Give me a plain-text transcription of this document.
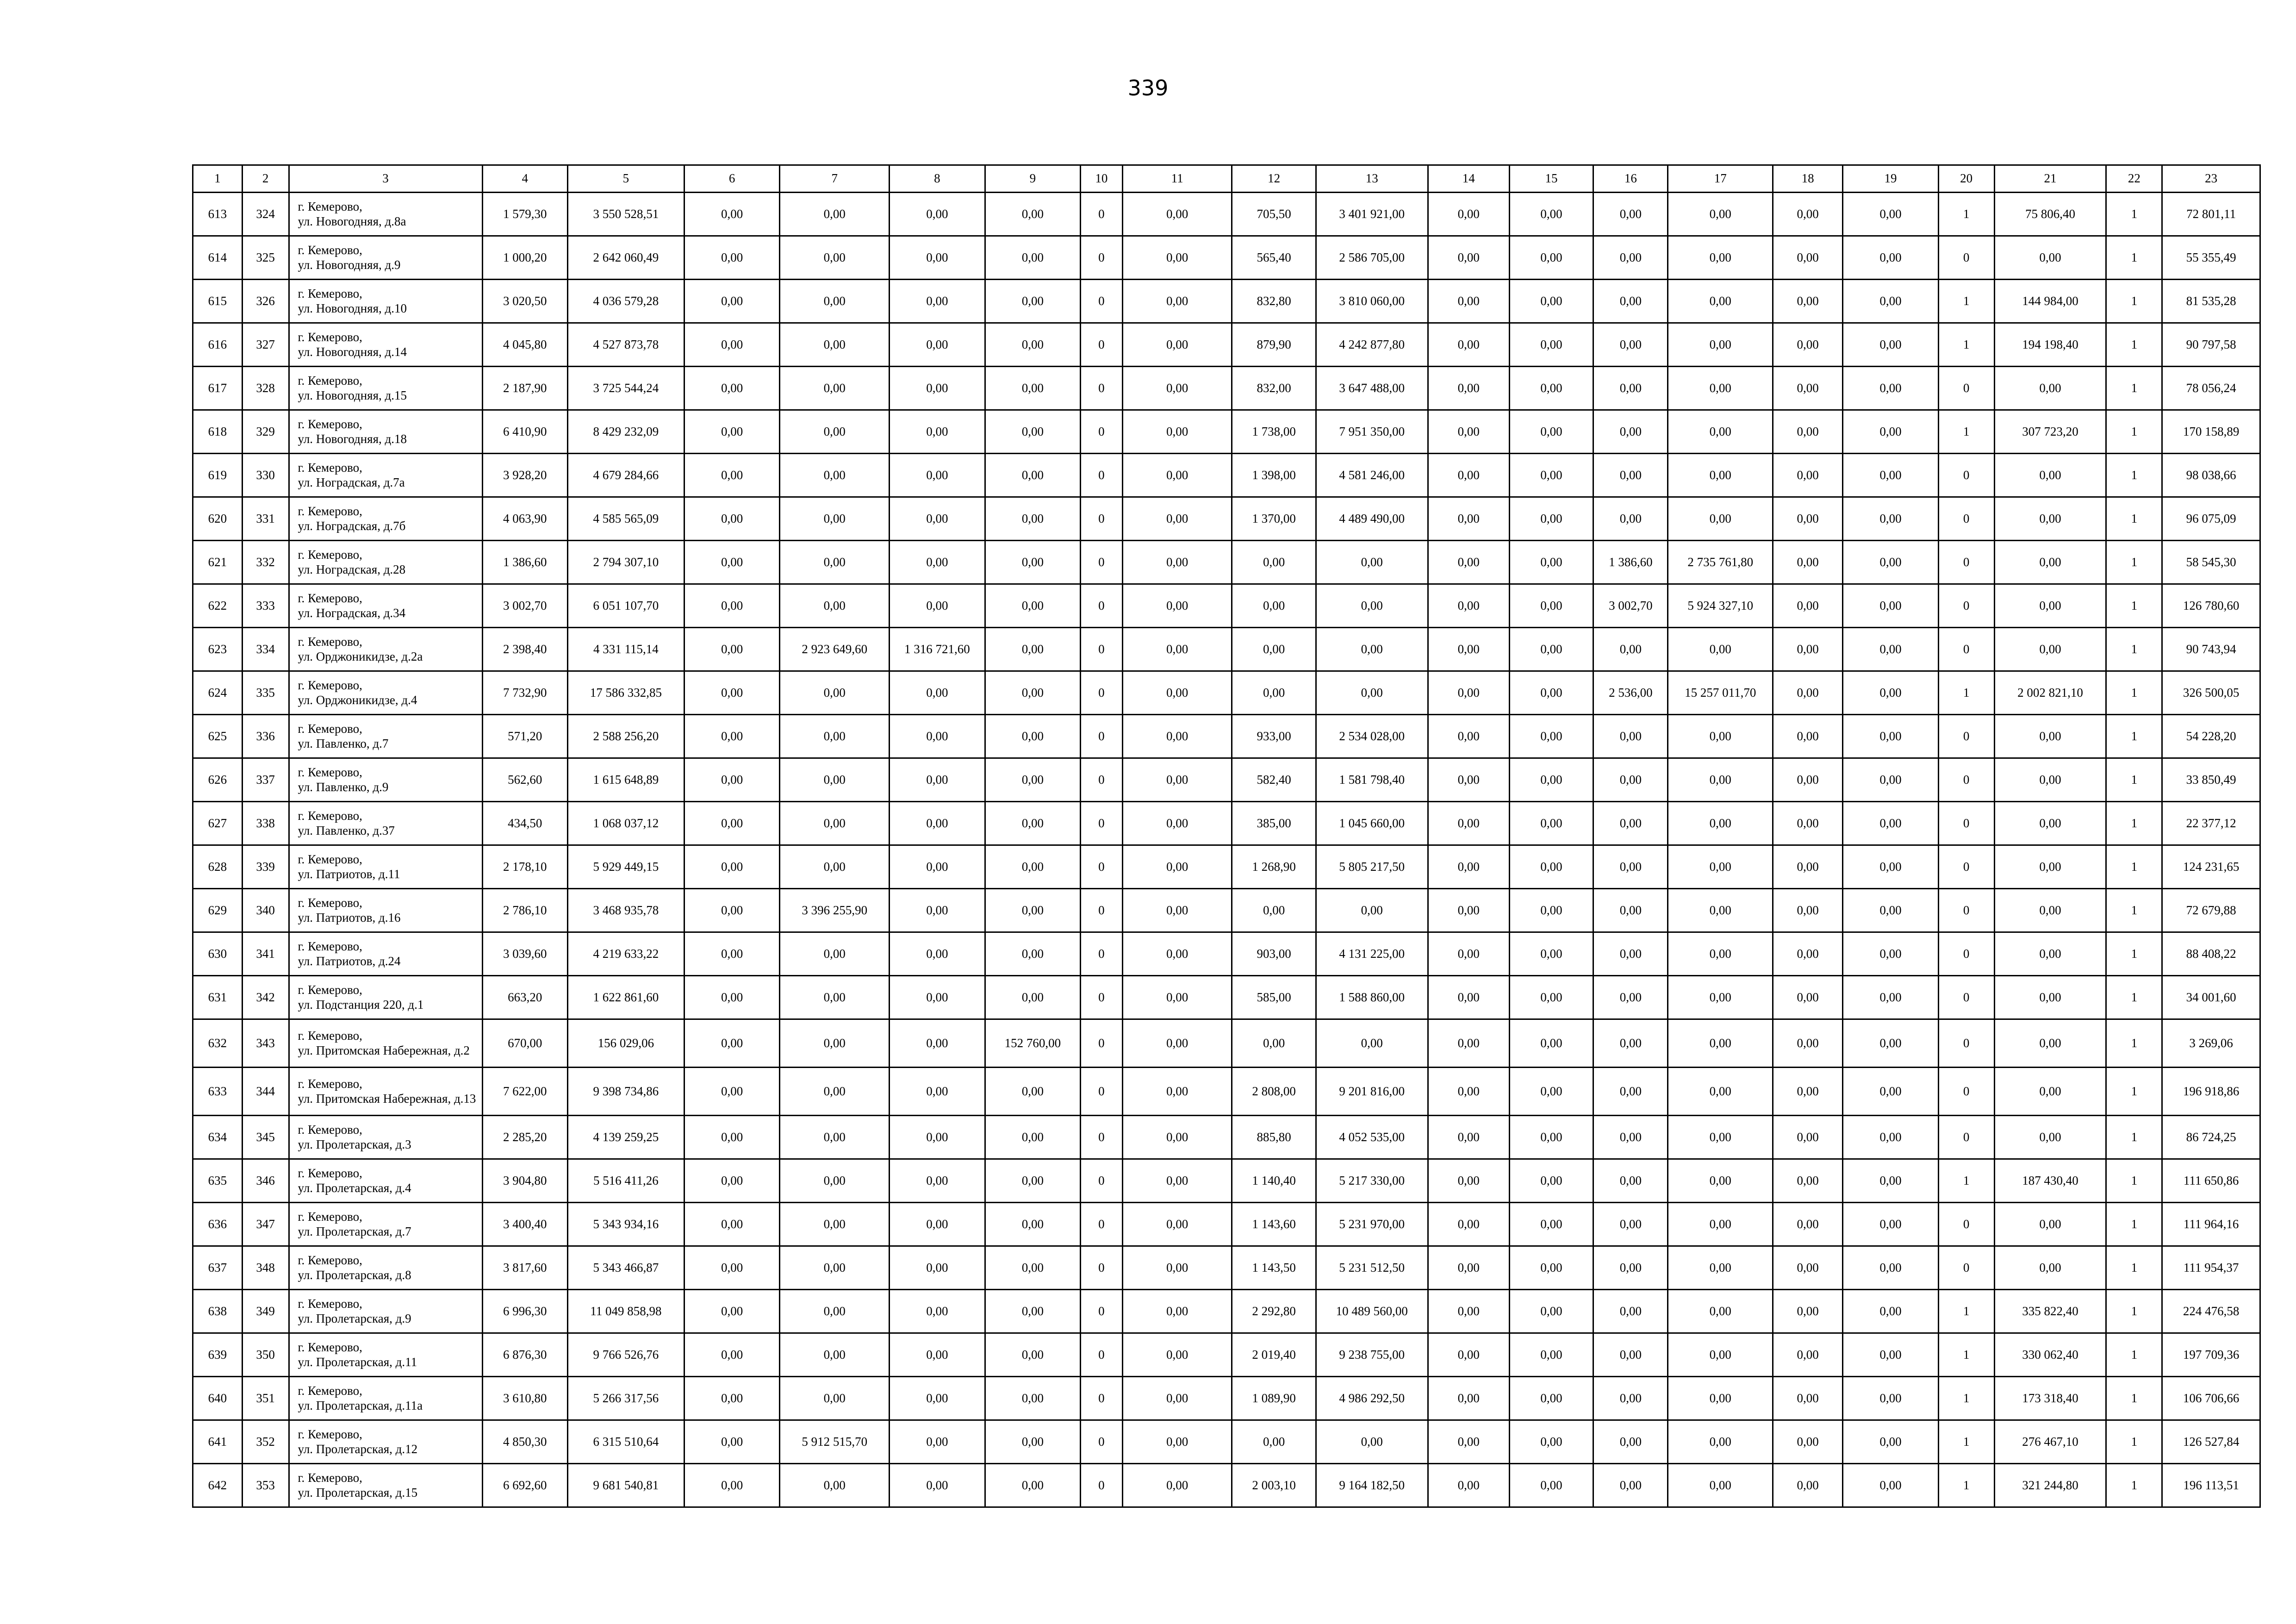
339
1	2	3	4	5	6	7	8	9	10	11	12	13	14	15	16	17	18	19	20	21	22	23
613	324	г. Кемерово,
ул. Новогодняя, д.8а	1 579,30	3 550 528,51	0,00	0,00	0,00	0,00	0	0,00	705,50	3 401 921,00	0,00	0,00	0,00	0,00	0,00	0,00	1	75 806,40	1	72 801,11
614	325	г. Кемерово,
ул. Новогодняя, д.9	1 000,20	2 642 060,49	0,00	0,00	0,00	0,00	0	0,00	565,40	2 586 705,00	0,00	0,00	0,00	0,00	0,00	0,00	0	0,00	1	55 355,49
615	326	г. Кемерово,
ул. Новогодняя, д.10	3 020,50	4 036 579,28	0,00	0,00	0,00	0,00	0	0,00	832,80	3 810 060,00	0,00	0,00	0,00	0,00	0,00	0,00	1	144 984,00	1	81 535,28
616	327	г. Кемерово,
ул. Новогодняя, д.14	4 045,80	4 527 873,78	0,00	0,00	0,00	0,00	0	0,00	879,90	4 242 877,80	0,00	0,00	0,00	0,00	0,00	0,00	1	194 198,40	1	90 797,58
617	328	г. Кемерово,
ул. Новогодняя, д.15	2 187,90	3 725 544,24	0,00	0,00	0,00	0,00	0	0,00	832,00	3 647 488,00	0,00	0,00	0,00	0,00	0,00	0,00	0	0,00	1	78 056,24
618	329	г. Кемерово,
ул. Новогодняя, д.18	6 410,90	8 429 232,09	0,00	0,00	0,00	0,00	0	0,00	1 738,00	7 951 350,00	0,00	0,00	0,00	0,00	0,00	0,00	1	307 723,20	1	170 158,89
619	330	г. Кемерово,
ул. Ноградская, д.7а	3 928,20	4 679 284,66	0,00	0,00	0,00	0,00	0	0,00	1 398,00	4 581 246,00	0,00	0,00	0,00	0,00	0,00	0,00	0	0,00	1	98 038,66
620	331	г. Кемерово,
ул. Ноградская, д.7б	4 063,90	4 585 565,09	0,00	0,00	0,00	0,00	0	0,00	1 370,00	4 489 490,00	0,00	0,00	0,00	0,00	0,00	0,00	0	0,00	1	96 075,09
621	332	г. Кемерово,
ул. Ноградская, д.28	1 386,60	2 794 307,10	0,00	0,00	0,00	0,00	0	0,00	0,00	0,00	0,00	0,00	1 386,60	2 735 761,80	0,00	0,00	0	0,00	1	58 545,30
622	333	г. Кемерово,
ул. Ноградская, д.34	3 002,70	6 051 107,70	0,00	0,00	0,00	0,00	0	0,00	0,00	0,00	0,00	0,00	3 002,70	5 924 327,10	0,00	0,00	0	0,00	1	126 780,60
623	334	г. Кемерово,
ул. Орджоникидзе, д.2а	2 398,40	4 331 115,14	0,00	2 923 649,60	1 316 721,60	0,00	0	0,00	0,00	0,00	0,00	0,00	0,00	0,00	0,00	0,00	0	0,00	1	90 743,94
624	335	г. Кемерово,
ул. Орджоникидзе, д.4	7 732,90	17 586 332,85	0,00	0,00	0,00	0,00	0	0,00	0,00	0,00	0,00	0,00	2 536,00	15 257 011,70	0,00	0,00	1	2 002 821,10	1	326 500,05
625	336	г. Кемерово,
ул. Павленко, д.7	571,20	2 588 256,20	0,00	0,00	0,00	0,00	0	0,00	933,00	2 534 028,00	0,00	0,00	0,00	0,00	0,00	0,00	0	0,00	1	54 228,20
626	337	г. Кемерово,
ул. Павленко, д.9	562,60	1 615 648,89	0,00	0,00	0,00	0,00	0	0,00	582,40	1 581 798,40	0,00	0,00	0,00	0,00	0,00	0,00	0	0,00	1	33 850,49
627	338	г. Кемерово,
ул. Павленко, д.37	434,50	1 068 037,12	0,00	0,00	0,00	0,00	0	0,00	385,00	1 045 660,00	0,00	0,00	0,00	0,00	0,00	0,00	0	0,00	1	22 377,12
628	339	г. Кемерово,
ул. Патриотов, д.11	2 178,10	5 929 449,15	0,00	0,00	0,00	0,00	0	0,00	1 268,90	5 805 217,50	0,00	0,00	0,00	0,00	0,00	0,00	0	0,00	1	124 231,65
629	340	г. Кемерово,
ул. Патриотов, д.16	2 786,10	3 468 935,78	0,00	3 396 255,90	0,00	0,00	0	0,00	0,00	0,00	0,00	0,00	0,00	0,00	0,00	0,00	0	0,00	1	72 679,88
630	341	г. Кемерово,
ул. Патриотов, д.24	3 039,60	4 219 633,22	0,00	0,00	0,00	0,00	0	0,00	903,00	4 131 225,00	0,00	0,00	0,00	0,00	0,00	0,00	0	0,00	1	88 408,22
631	342	г. Кемерово,
ул. Подстанция 220, д.1	663,20	1 622 861,60	0,00	0,00	0,00	0,00	0	0,00	585,00	1 588 860,00	0,00	0,00	0,00	0,00	0,00	0,00	0	0,00	1	34 001,60
632	343	г. Кемерово,
ул. Притомская Набережная, д.2	670,00	156 029,06	0,00	0,00	0,00	152 760,00	0	0,00	0,00	0,00	0,00	0,00	0,00	0,00	0,00	0,00	0	0,00	1	3 269,06
633	344	г. Кемерово,
ул. Притомская Набережная, д.13	7 622,00	9 398 734,86	0,00	0,00	0,00	0,00	0	0,00	2 808,00	9 201 816,00	0,00	0,00	0,00	0,00	0,00	0,00	0	0,00	1	196 918,86
634	345	г. Кемерово,
ул. Пролетарская, д.3	2 285,20	4 139 259,25	0,00	0,00	0,00	0,00	0	0,00	885,80	4 052 535,00	0,00	0,00	0,00	0,00	0,00	0,00	0	0,00	1	86 724,25
635	346	г. Кемерово,
ул. Пролетарская, д.4	3 904,80	5 516 411,26	0,00	0,00	0,00	0,00	0	0,00	1 140,40	5 217 330,00	0,00	0,00	0,00	0,00	0,00	0,00	1	187 430,40	1	111 650,86
636	347	г. Кемерово,
ул. Пролетарская, д.7	3 400,40	5 343 934,16	0,00	0,00	0,00	0,00	0	0,00	1 143,60	5 231 970,00	0,00	0,00	0,00	0,00	0,00	0,00	0	0,00	1	111 964,16
637	348	г. Кемерово,
ул. Пролетарская, д.8	3 817,60	5 343 466,87	0,00	0,00	0,00	0,00	0	0,00	1 143,50	5 231 512,50	0,00	0,00	0,00	0,00	0,00	0,00	0	0,00	1	111 954,37
638	349	г. Кемерово,
ул. Пролетарская, д.9	6 996,30	11 049 858,98	0,00	0,00	0,00	0,00	0	0,00	2 292,80	10 489 560,00	0,00	0,00	0,00	0,00	0,00	0,00	1	335 822,40	1	224 476,58
639	350	г. Кемерово,
ул. Пролетарская, д.11	6 876,30	9 766 526,76	0,00	0,00	0,00	0,00	0	0,00	2 019,40	9 238 755,00	0,00	0,00	0,00	0,00	0,00	0,00	1	330 062,40	1	197 709,36
640	351	г. Кемерово,
ул. Пролетарская, д.11а	3 610,80	5 266 317,56	0,00	0,00	0,00	0,00	0	0,00	1 089,90	4 986 292,50	0,00	0,00	0,00	0,00	0,00	0,00	1	173 318,40	1	106 706,66
641	352	г. Кемерово,
ул. Пролетарская, д.12	4 850,30	6 315 510,64	0,00	5 912 515,70	0,00	0,00	0	0,00	0,00	0,00	0,00	0,00	0,00	0,00	0,00	0,00	1	276 467,10	1	126 527,84
642	353	г. Кемерово,
ул. Пролетарская, д.15	6 692,60	9 681 540,81	0,00	0,00	0,00	0,00	0	0,00	2 003,10	9 164 182,50	0,00	0,00	0,00	0,00	0,00	0,00	1	321 244,80	1	196 113,51
